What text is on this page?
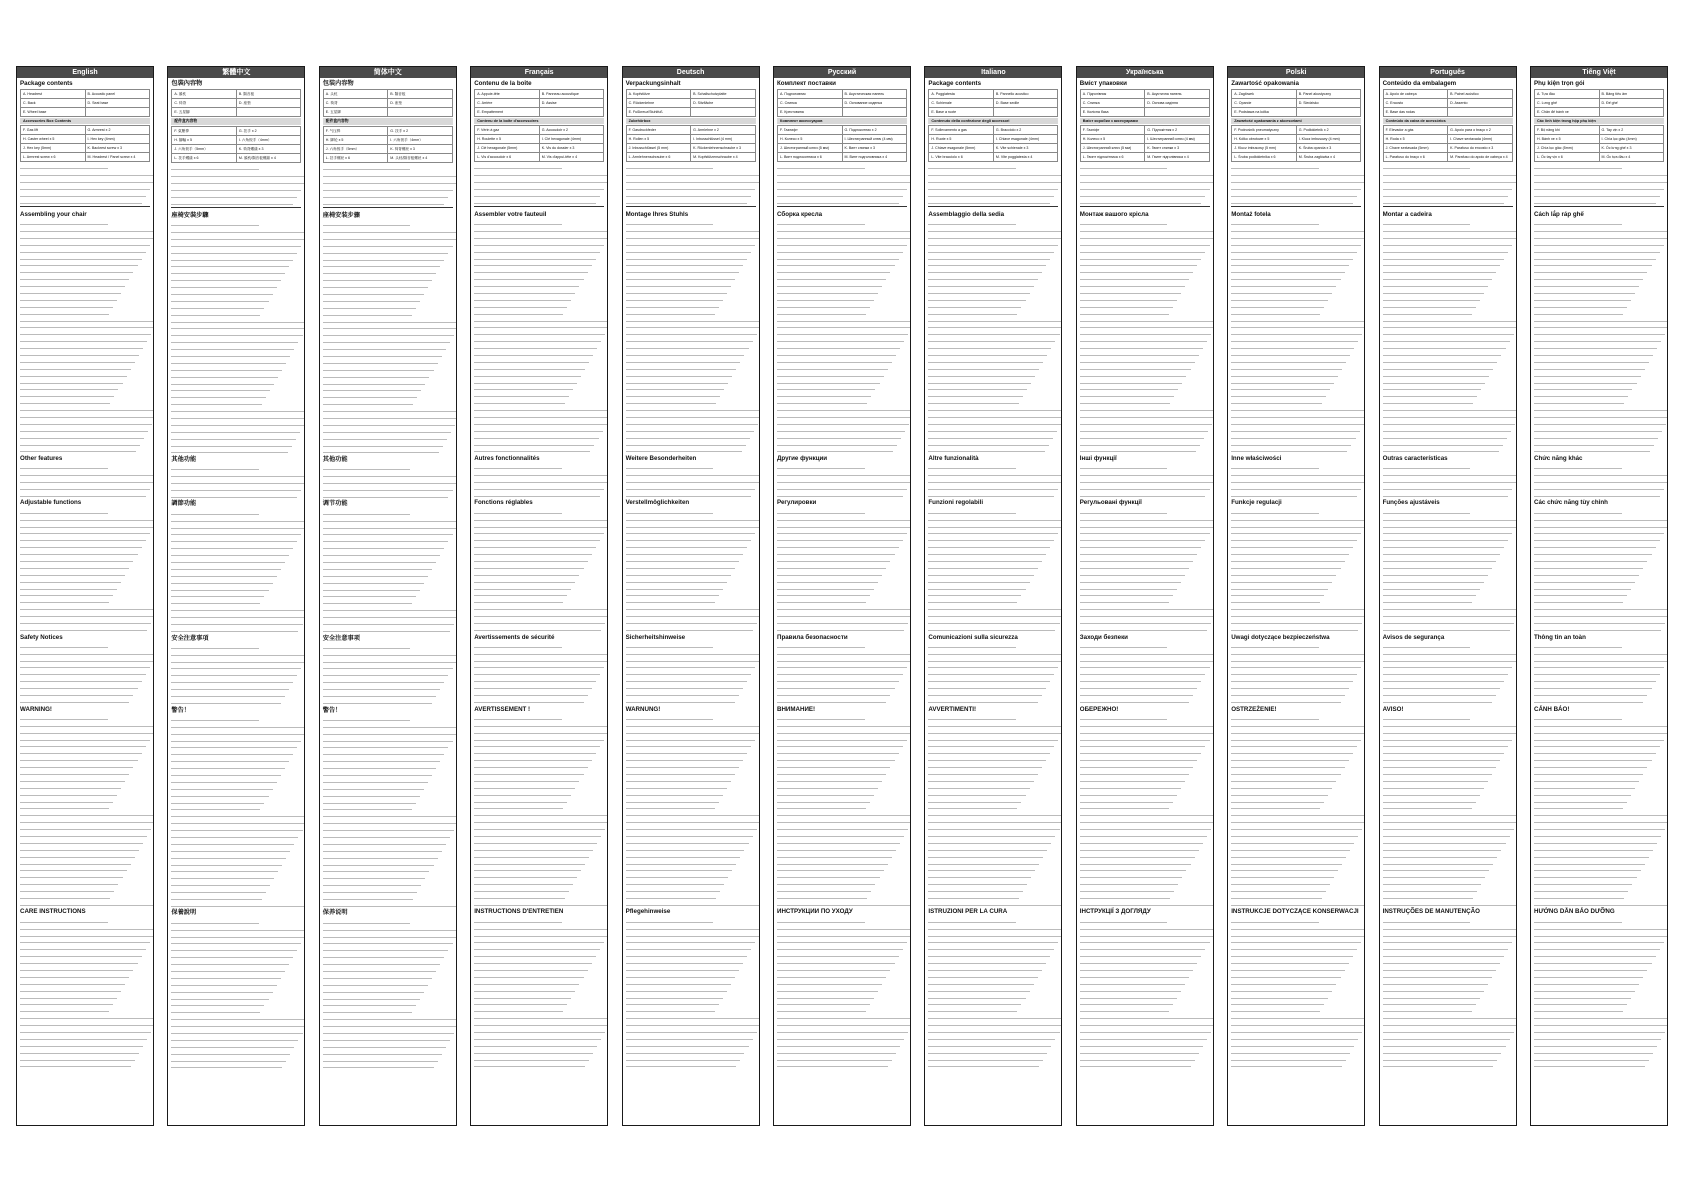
English
Package contents
A. Headrest	B. Acoustic panel
C. Back	D. Seat base
E. Wheel base
Accessories Box Contents
F. Gas lift	G. Armrest x 2
H. Caster wheel x 5	I. Hex key (4mm)
J. Hex key (5mm)	K. Backrest screw x 3
L. Armrest screw x 6	M. Headrest / Panel screw x 4
Assembling your chair
Other features
Adjustable functions
Safety Notices
WARNING!
CARE INSTRUCTIONS
繁體中文
包裝內容物
A. 頭枕	B. 隔音板
C. 椅背	D. 座墊
E. 五星腳
配件盒內容物
F. 氣壓棒	G. 扶手 x 2
H. 腳輪 x 5	I. 六角扳手（4mm）
J. 六角扳手（5mm）	K. 椅背螺絲 x 3
L. 扶手螺絲 x 6	M. 頭枕/隔音板螺絲 x 4
座椅安裝步驟
其他功能
調節功能
安全注意事項
警告！
保養說明
简体中文
包装内容物
A. 头枕	B. 隔音板
C. 椅背	D. 座垫
E. 五星脚
配件盒内容物
F. 气压棒	G. 扶手 x 2
H. 脚轮 x 5	I. 六角扳手（4mm）
J. 六角扳手（5mm）	K. 椅背螺丝 x 3
L. 扶手螺丝 x 6	M. 头枕/隔音板螺丝 x 4
座椅安装步骤
其他功能
调节功能
安全注意事项
警告！
保养说明
Français
Contenu de la boîte
A. Appuie-tête	B. Panneau acoustique
C. Arrière	D. Assise
E. Empattement
Contenu de la boîte d'accessoires
F. Vérin à gaz	G. Accoudoir x 2
H. Roulette x 5	I. Clé hexagonale (4mm)
J. Clé hexagonale (5mm)	K. Vis du dossier x 3
L. Vis d'accoudoir x 6	M. Vis d'appui-tête x 4
Assembler votre fauteuil
Autres fonctionnalités
Fonctions réglables
Avertissements de sécurité
AVERTISSEMENT !
INSTRUCTIONS D'ENTRETIEN
Deutsch
Verpackungsinhalt
A. Kopfstütze	B. Schallschutzplatte
C. Rückenlehne	D. Sitzfläche
E. Fußkreuz/Stuhlfuß
Zubehörbox
F. Gasdruckfeder	G. Armlehne x 2
H. Rollen x 5	I. Inbusschlüssel (4 mm)
J. Inbusschlüssel (5 mm)	K. Rückenlehnenschraube x 3
L. Armlehnenschraube x 6	M. Kopfstützenschraube x 4
Montage Ihres Stuhls
Weitere Besonderheiten
Verstellmöglichkeiten
Sicherheitshinweise
WARNUNG!
Pflegehinweise
Русский
Комплект поставки
A. Подголовник	B. Акустическая панель
C. Спинка	D. Основание сиденья
E. Крестовина
Комплект аксессуаров
F. Газлифт	G. Подлокотник x 2
H. Колесо x 5	I. Шестигранный ключ (4 мм)
J. Шестигранный ключ (5 мм)	K. Винт спинки x 3
L. Винт подлокотника x 6	M. Винт подголовника x 4
Сборка кресла
Другие функции
Регулировки
Правила безопасности
ВНИМАНИЕ!
ИНСТРУКЦИИ ПО УХОДУ
Italiano
Package contents
A. Poggiatesta	B. Pannello acustico
C. Schienale	D. Base sedile
E. Base a ruote
Contenuto della confezione degli accessori
F. Sollevamento a gas	G. Bracciolo x 2
H. Ruote x 5	I. Chiave esagonale (4mm)
J. Chiave esagonale (5mm)	K. Vite schienale x 3
L. Vite bracciolo x 6	M. Vite poggiatesta x 4
Assemblaggio della sedia
Altre funzionalità
Funzioni regolabili
Comunicazioni sulla sicurezza
AVVERTIMENTI!
ISTRUZIONI PER LA CURA
Українська
Вміст упаковки
A. Підголівник	B. Акустична панель
C. Спинка	D. Основа сидіння
E. Колісна база
Вміст коробки з аксесуарами
F. Газліфт	G. Підлокітник x 2
H. Колесо x 5	I. Шестигранний ключ (4 мм)
J. Шестигранний ключ (5 мм)	K. Гвинт спинки x 3
L. Гвинт підлокітника x 6	M. Гвинт підголівника x 4
Монтаж вашого крісла
Інші функції
Регульовані функції
Заходи безпеки
ОБЕРЕЖНО!
ІНСТРУКЦІЇ З ДОГЛЯДУ
Polski
Zawartość opakowania
A. Zagłówek	B. Panel akustyczny
C. Oparcie	D. Siedzisko
E. Podstawa na kółka
Zawartość opakowania z akcesoriami
F. Podnośnik pneumatyczny	G. Podłokietnik x 2
H. Kółko obrotowe x 5	I. Klucz imbusowy (4 mm)
J. Klucz imbusowy (5 mm)	K. Śruba oparcia x 3
L. Śruba podłokietnika x 6	M. Śruba zagłówka x 4
Montaż fotela
Inne właściwości
Funkcje regulacji
Uwagi dotyczące bezpieczeństwa
OSTRZEŻENIE!
INSTRUKCJE DOTYCZĄCE KONSERWACJI
Português
Conteúdo da embalagem
A. Apoio de cabeça	B. Painel acústico
C. Encosto	D. Assento
E. Base das rodas
Conteúdo da caixa de acessórios
F. Elevador a gás	G. Apoio para o braço x 2
H. Roda x 5	I. Chave sextavada (4mm)
J. Chave sextavada (5mm)	K. Parafuso do encosto x 3
L. Parafuso do braço x 6	M. Parafuso do apoio de cabeça x 4
Montar a cadeira
Outras características
Funções ajustáveis
Avisos de segurança
AVISO!
INSTRUÇÕES DE MANUTENÇÃO
Tiếng Việt
Phụ kiện trọn gói
A. Tựa đầu	B. Bảng tiêu âm
C. Lưng ghế	D. Đế ghế
E. Chân đế bánh xe
Các linh kiện trong hộp phụ kiện
F. Bộ nâng khí	G. Tay vịn x 2
H. Bánh xe x 5	I. Chìa lục giác (4mm)
J. Chìa lục giác (5mm)	K. Ốc lưng ghế x 3
L. Ốc tay vịn x 6	M. Ốc tựa đầu x 4
Cách lắp ráp ghế
Chức năng khác
Các chức năng tùy chỉnh
Thông tin an toàn
CẢNH BÁO!
HƯỚNG DẪN BẢO DƯỠNG
